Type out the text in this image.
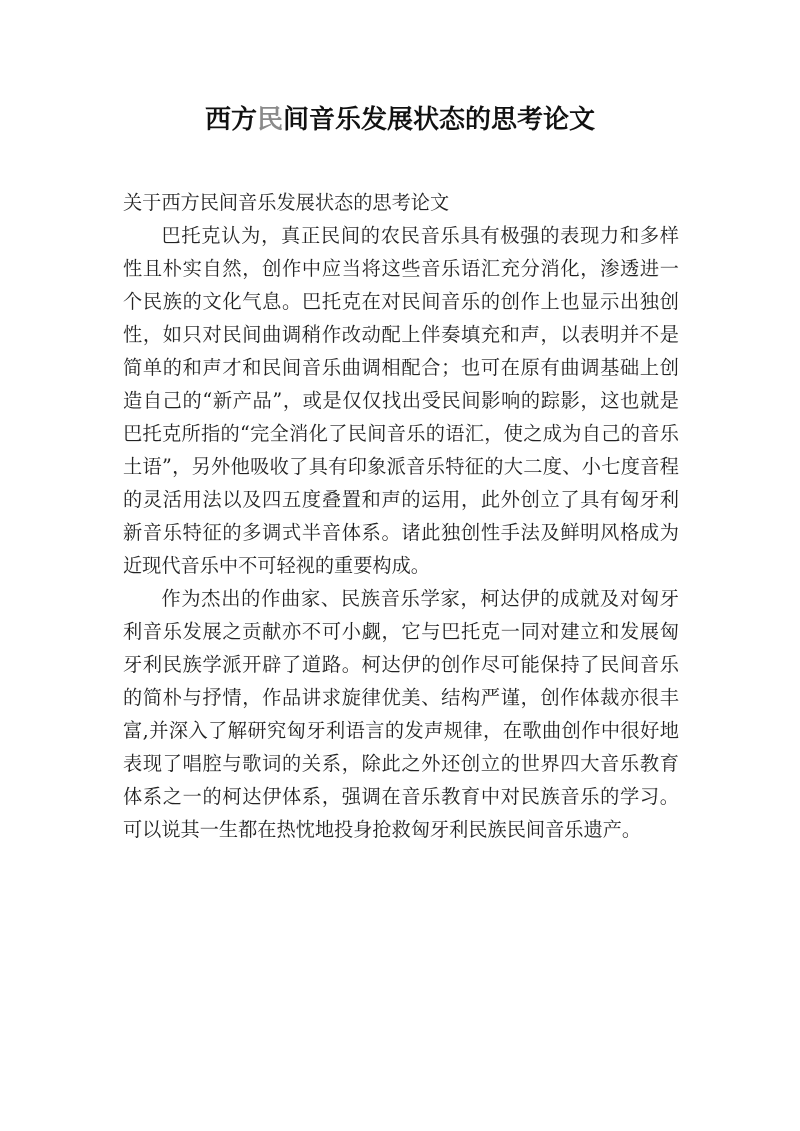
西方民间音乐发展状态的思考论文

关于西方民间音乐发展状态的思考论文

巴托克认为，真正民间的农民音乐具有极强的表现力和多样性且朴实自然，创作中应当将这些音乐语汇充分消化，渗透进一个民族的文化气息。巴托克在对民间音乐的创作上也显示出独创性，如只对民间曲调稍作改动配上伴奏填充和声，以表明并不是简单的和声才和民间音乐曲调相配合；也可在原有曲调基础上创造自己的“新产品”，或是仅仅找出受民间影响的踪影，这也就是巴托克所指的“完全消化了民间音乐的语汇，使之成为自己的音乐土语”，另外他吸收了具有印象派音乐特征的大二度、小七度音程的灵活用法以及四五度叠置和声的运用，此外创立了具有匈牙利新音乐特征的多调式半音体系。诸此独创性手法及鲜明风格成为近现代音乐中不可轻视的重要构成。

作为杰出的作曲家、民族音乐学家，柯达伊的成就及对匈牙利音乐发展之贡献亦不可小觑，它与巴托克一同对建立和发展匈牙利民族学派开辟了道路。柯达伊的创作尽可能保持了民间音乐的简朴与抒情，作品讲求旋律优美、结构严谨，创作体裁亦很丰富,并深入了解研究匈牙利语言的发声规律，在歌曲创作中很好地表现了唱腔与歌词的关系，除此之外还创立的世界四大音乐教育体系之一的柯达伊体系，强调在音乐教育中对民族音乐的学习。可以说其一生都在热忱地投身抢救匈牙利民族民间音乐遗产。
